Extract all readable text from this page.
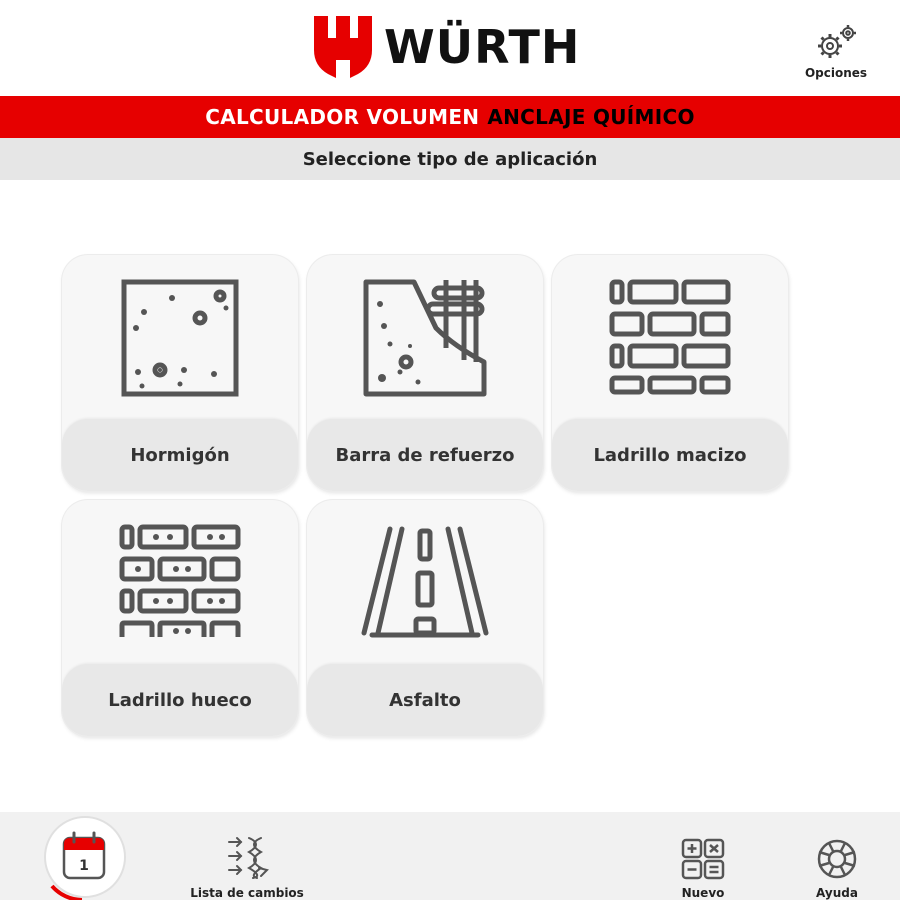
WÜRTH	Opciones
CALCULADOR VOLUMEN ANCLAJE QUÍMICO
Seleccione tipo de aplicación
Hormigón	Barra de refuerzo	Ladrillo macizo
Ladrillo hueco	Asfalto
1
Lista de cambios	Nuevo	Ayuda
